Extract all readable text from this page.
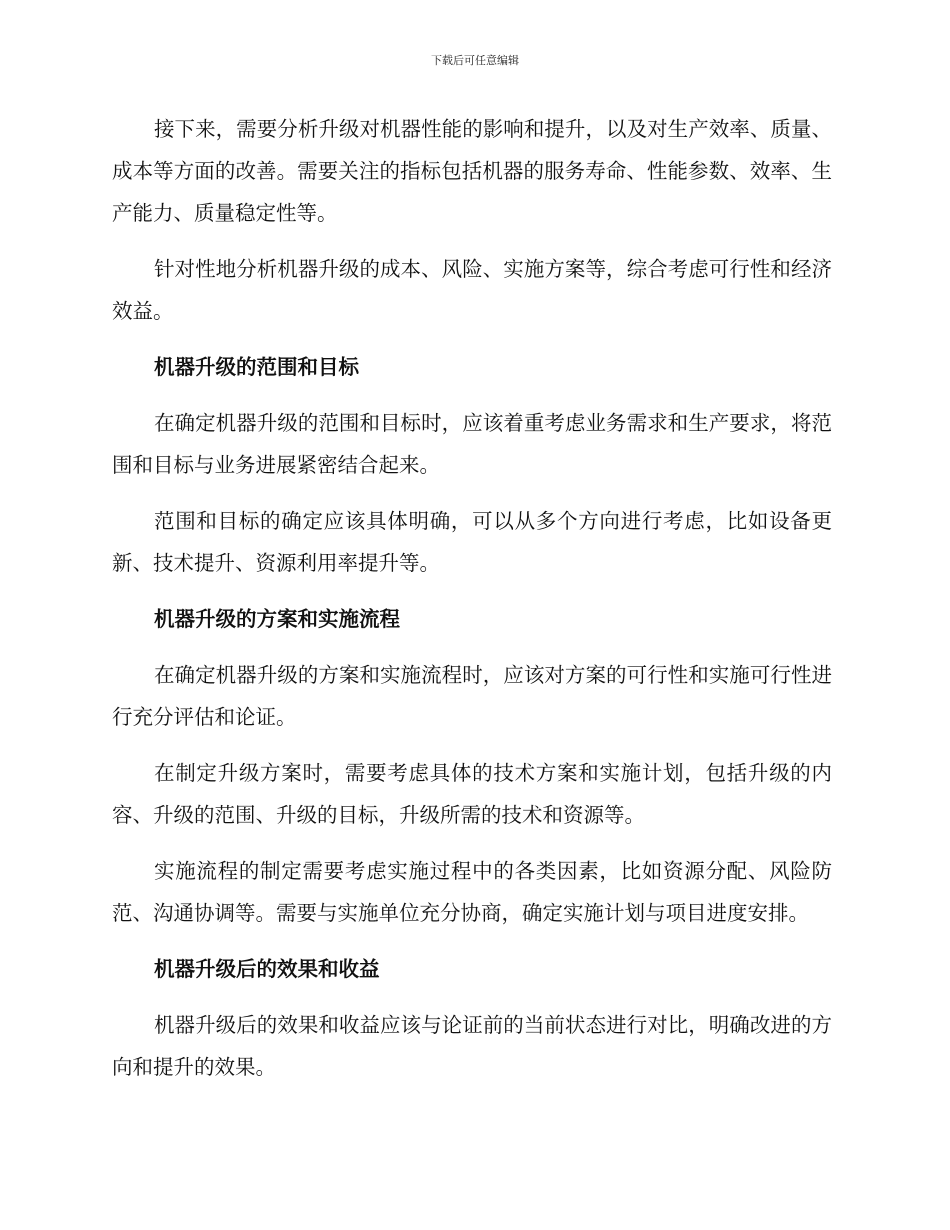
下载后可任意编辑

接下来，需要分析升级对机器性能的影响和提升，以及对生产效率、质量、成本等方面的改善。需要关注的指标包括机器的服务寿命、性能参数、效率、生产能力、质量稳定性等。

针对性地分析机器升级的成本、风险、实施方案等，综合考虑可行性和经济效益。

机器升级的范围和目标

在确定机器升级的范围和目标时，应该着重考虑业务需求和生产要求，将范围和目标与业务进展紧密结合起来。

范围和目标的确定应该具体明确，可以从多个方向进行考虑，比如设备更新、技术提升、资源利用率提升等。

机器升级的方案和实施流程

在确定机器升级的方案和实施流程时，应该对方案的可行性和实施可行性进行充分评估和论证。

在制定升级方案时，需要考虑具体的技术方案和实施计划，包括升级的内容、升级的范围、升级的目标，升级所需的技术和资源等。

实施流程的制定需要考虑实施过程中的各类因素，比如资源分配、风险防范、沟通协调等。需要与实施单位充分协商，确定实施计划与项目进度安排。

机器升级后的效果和收益

机器升级后的效果和收益应该与论证前的当前状态进行对比，明确改进的方向和提升的效果。
